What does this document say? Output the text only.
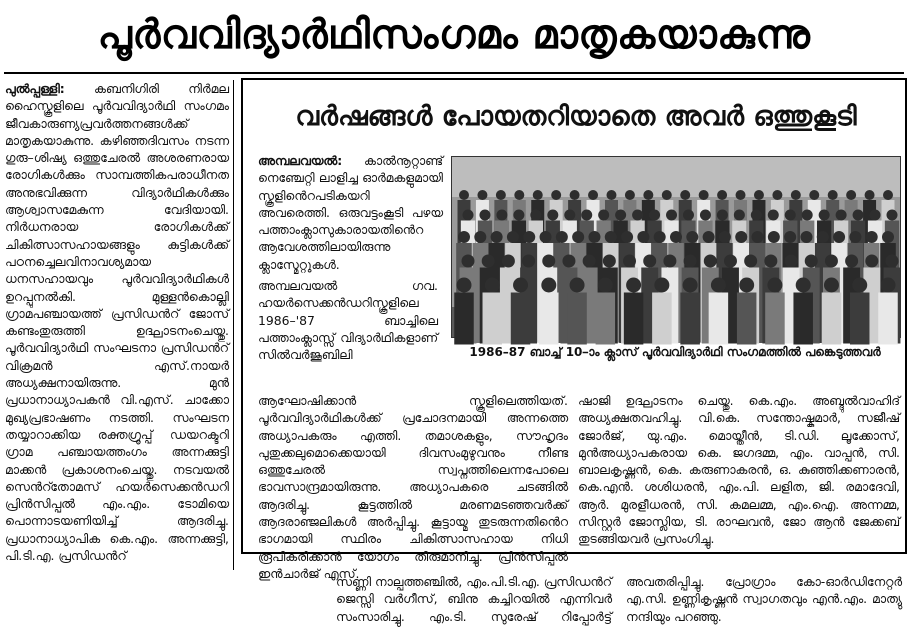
പൂർവവിദ്യാർഥിസംഗമം മാതൃകയാകുന്നു
പുൽപ്പള്ളി: കബനിഗിരി നിർമല ഹൈസ്കൂളിലെ പൂർവവിദ്യാർഥി സംഗമം ജീവകാരുണ്യപ്രവർത്തനങ്ങൾക്ക് മാതൃകയാകുന്നു. കഴിഞ്ഞദിവസം നടന്ന ഗുരു–ശിഷ്യ ഒത്തുചേരൽ അശരണരായ രോഗികൾക്കും സാമ്പത്തികപരാധീനത അനുഭവിക്കുന്ന വിദ്യാർഥികൾക്കും ആശ്വാസമേകുന്ന വേദിയായി. നിർധനരായ രോഗികൾക്ക് ചികിത്സാസഹായങ്ങളും കുട്ടികൾക്ക് പഠനച്ചെലവിനാവശ്യമായ ധനസഹായവും പൂർവവിദ്യാർഥികൾ ഉറപ്പുനൽകി. മുള്ളൻകൊല്ലി ഗ്രാമപഞ്ചായത്ത് പ്രസിഡൻറ് ജോസ് കണ്ടംതുരുത്തി ഉദ്ഘാടനംചെയ്തു. പൂർവവിദ്യാർഥി സംഘടനാ പ്രസിഡൻറ് വിക്രമൻ എസ്.നായർ അധ്യക്ഷനായിരുന്നു. മുൻ പ്രധാനാധ്യാപകൻ വി.എസ്. ചാക്കോ മുഖ്യപ്രഭാഷണം നടത്തി. സംഘടന തയ്യാറാക്കിയ രക്തഗ്രൂപ്പ് ഡയറക്ടറി ഗ്രാമ പഞ്ചായത്തംഗം അന്നക്കുട്ടി മാക്കൻ പ്രകാശനംചെയ്തു. നടവയൽ സെൻറ്തോമസ് ഹയർസെക്കൻഡറി പ്രിൻസിപ്പൽ എം.എം. ടോമിയെ പൊന്നാടയണിയിച്ച് ആദരിച്ചു. പ്രധാനാധ്യാപിക കെ.എം. അന്നക്കുട്ടി, പി.ടി.എ. പ്രസിഡൻറ്
വർഷങ്ങൾ പോയതറിയാതെ അവർ ഒത്തുകൂടി
അമ്പലവയൽ: കാൽനൂറ്റാണ്ട് നെഞ്ചേറ്റി ലാളിച്ച ഓർമകളുമായി സ്കൂളിൻെറപടികയറി അവരെത്തി. ഒരുവട്ടംകൂടി പഴയ പത്താംക്ലാസുകാരായതിൻെറ ആവേശത്തിലായിരുന്നു ക്ലാസ്മേറ്റുകൾ.
അമ്പലവയൽ ഗവ. ഹയർസെക്കൻഡറിസ്കൂളിലെ 1986–'87 ബാച്ചിലെ പത്താംക്ലാസ്സ് വിദ്യാർഥികളാണ് സിൽവർജൂബിലി	1986–87 ബാച്ച് 10–ാം ക്ലാസ് പൂർവവിദ്യാർഥി സംഗമത്തിൽ പങ്കെടുത്തവർ
ഷാജി ഉദ്ഘാടനം ചെയ്തു. കെ.എം. അബ്ദുൽവാഹിദ് അധ്യക്ഷതവഹിച്ചു. വി.കെ. സന്തോഷ്കുമാർ, സജീഷ് ജോർജ്, യു.എം. മൊയ്തീൻ, ടി.ഡി. ലൂക്കോസ്, മുൻഅധ്യാപകരായ കെ. ജഗദമ്മ, എം. വാപ്പൻ, സി. ബാലകൃഷ്ണൻ, കെ. കരുണാകരൻ, ഒ. കുഞ്ഞിക്കണാരൻ, കെ.എൻ. ശശിധരൻ, എം.പി. ലളിത, ജി. രമാദേവി, ആർ. മുരളീധരൻ, സി. കമലമ്മ, എം.ഐ. അന്നമ്മ, സിസ്റ്റർ ജോസ്ലിയ, ടി. രാഘവൻ, ജോ ആൻ ജേക്കബ് തുടങ്ങിയവർ പ്രസംഗിച്ചു.
ആഘോഷിക്കാൻ സ്കൂളിലെത്തിയത്. പൂർവവിദ്യാർഥികൾക്ക് പ്രചോദനമായി അന്നത്തെ അധ്യാപകരും എത്തി. തമാശകളും, സൗഹൃദം പുതുക്കലുമൊക്കെയായി ദിവസംമുഴുവനും നീണ്ട ഒത്തുചേരൽ സ്വപ്നത്തിലെന്നപോലെ ഭാവസാന്ദ്രമായിരുന്നു. അധ്യാപകരെ ചടങ്ങിൽ ആദരിച്ചു. കൂട്ടത്തിൽ മരണമടഞ്ഞവർക്ക് ആദരാഞ്ജലികൾ അർപ്പിച്ചു. കൂട്ടായ്മ തുടരുന്നതിൻെറ ഭാഗമായി സ്ഥിരം ചികിത്സാസഹായ നിധി രൂപീകരിക്കാൻ യോഗം തീരുമാനിച്ചു. പ്രിൻസിപ്പൽ ഇൻചാർജ് എസ്.
സണ്ണി നാല്പത്തഞ്ചിൽ, എം.പി.ടി.എ. പ്രസിഡൻറ് ജെസ്സി വർഗീസ്, ബിനു കച്ചിറയിൽ എന്നിവർ സംസാരിച്ചു. എം.ടി. സുരേഷ് റിപ്പോർട്ട് അവതരിപ്പിച്ചു. പ്രോഗ്രാം കോ-ഓർഡിനേറ്റർ എ.സി. ഉണ്ണികൃഷ്ണൻ സ്വാഗതവും എൻ.എം. മാത്യു നന്ദിയും പറഞ്ഞു.
